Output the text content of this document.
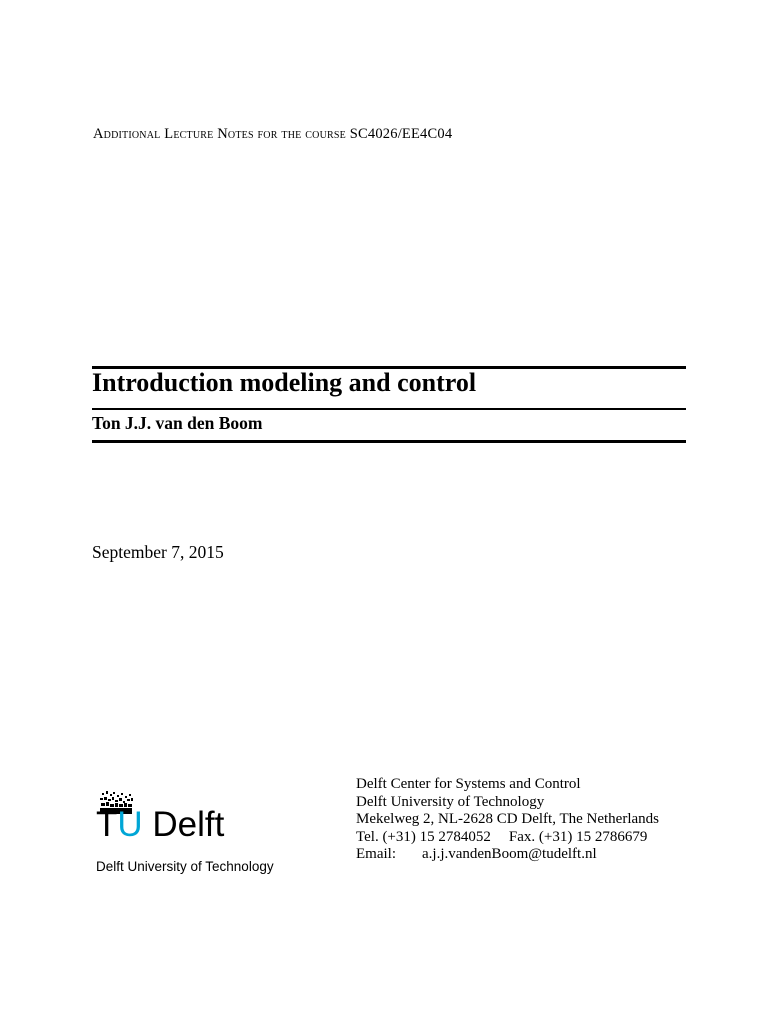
Additional Lecture Notes for the course SC4026/EE4C04
Introduction modeling and control
Ton J.J. van den Boom
September 7, 2015
TU Delft
Delft University of Technology
Delft Center for Systems and Control
Delft University of Technology
Mekelweg 2, NL-2628 CD Delft, The Netherlands
Tel. (+31) 15 2784052 Fax. (+31) 15 2786679
Email: a.j.j.vandenBoom@tudelft.nl
